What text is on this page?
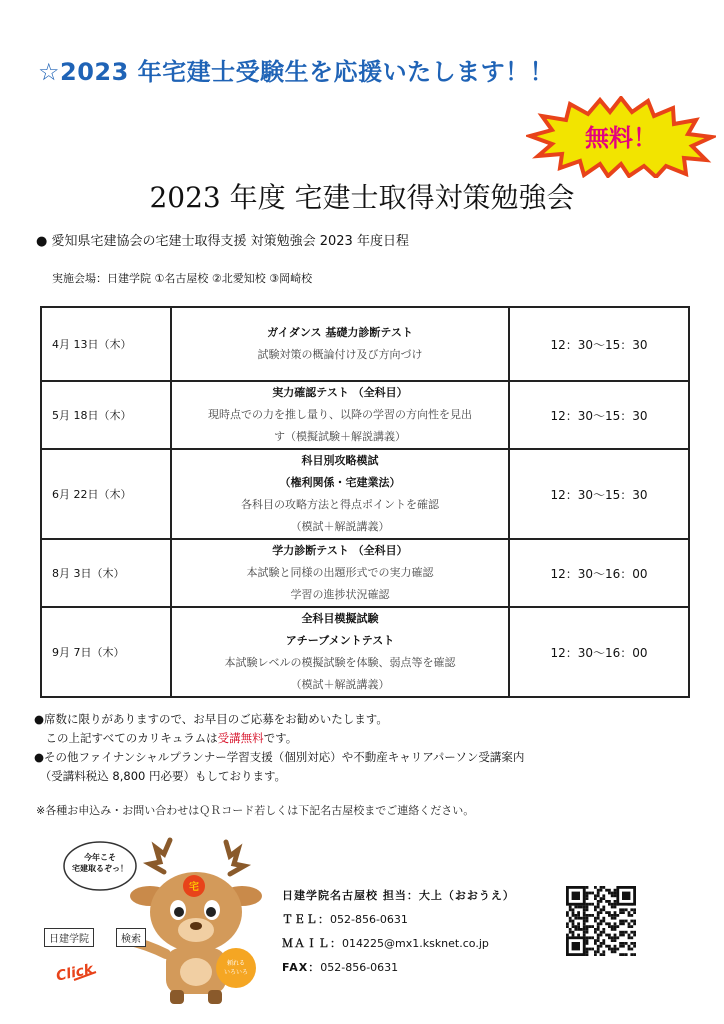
☆2023 年宅建士受験生を応援いたします！！
無料！
2023 年度 宅建士取得対策勉強会
● 愛知県宅建協会の宅建士取得支援 対策勉強会 2023 年度日程
実施会場：日建学院 ①名古屋校 ②北愛知校 ③岡崎校
4月 13日（木）	ガイダンス 基礎力診断テスト
試験対策の概論付け及び方向づけ	12：30〜15：30
5月 18日（木）	実力確認テスト （全科目）
現時点での力を推し量り、以降の学習の方向性を見出
す（模擬試験＋解説講義）	12：30〜15：30
6月 22日（木）	科目別攻略模試
（権利関係・宅建業法）
各科目の攻略方法と得点ポイントを確認
（模試＋解説講義）	12：30〜15：30
8月 3日（木）	学力診断テスト （全科目）
本試験と同様の出題形式での実力確認
学習の進捗状況確認	12：30〜16：00
9月 7日（木）	全科目模擬試験
アチーブメントテスト
本試験レベルの模擬試験を体験、弱点等を確認
（模試＋解説講義）	12：30〜16：00
●席数に限りがありますので、お早目のご応募をお勧めいたします。
　この上記すべてのカリキュラムは受講無料です。
●その他ファイナンシャルプランナー学習支援（個別対応）や不動産キャリアパーソン受講案内
　（受講料税込 8,800 円必要）もしております。
※各種お申込み・お問い合わせはＱＲコード若しくは下記名古屋校までご連絡ください。
宅
今年こそ
宅建取るぞっ！
日建学院	検索
Click	頼れる
いろいろ
日建学院名古屋校 担当：大上（おおうえ）
ＴＥＬ：052-856-0631
ＭＡＩＬ：014225@mx1.ksknet.co.jp
FAX：052-856-0631
